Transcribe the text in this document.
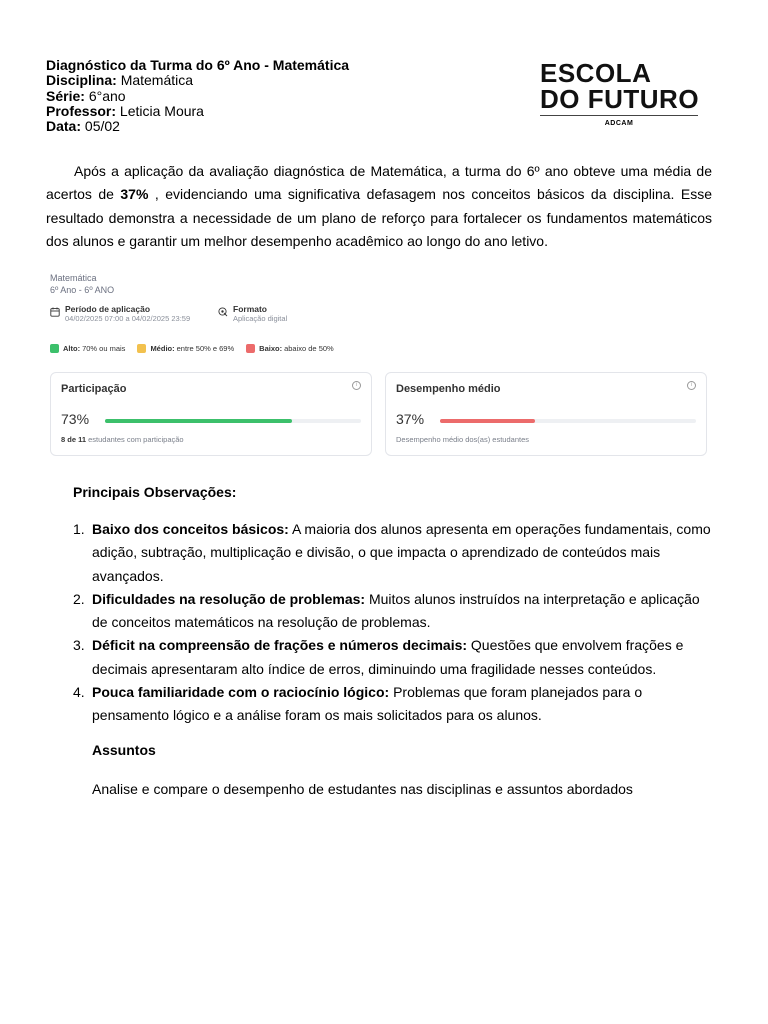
Diagnóstico da Turma do 6º Ano - Matemática
Disciplina: Matemática
Série: 6°ano
Professor: Leticia Moura
Data: 05/02
ESCOLA
DO FUTURO
ADCAM

Após a aplicação da avaliação diagnóstica de Matemática, a turma do 6º ano obteve uma média de acertos de 37% , evidenciando uma significativa defasagem nos conceitos básicos da disciplina. Esse resultado demonstra a necessidade de um plano de reforço para fortalecer os fundamentos matemáticos dos alunos e garantir um melhor desempenho acadêmico ao longo do ano letivo.

Matemática
6º Ano - 6º ANO
Período de aplicação
04/02/2025 07:00 a 04/02/2025 23:59
Formato
Aplicação digital
Alto: 70% ou mais	Médio: entre 50% e 69%	Baixo: abaixo de 50%
Participação	i
73%
8 de 11 estudantes com participação
Desempenho médio	i
37%
Desempenho médio dos(as) estudantes
Principais Observações:
1. Baixo dos conceitos básicos: A maioria dos alunos apresenta em operações fundamentais, como adição, subtração, multiplicação e divisão, o que impacta o aprendizado de conteúdos mais avançados.
2. Dificuldades na resolução de problemas: Muitos alunos instruídos na interpretação e aplicação de conceitos matemáticos na resolução de problemas.
3. Déficit na compreensão de frações e números decimais: Questões que envolvem frações e decimais apresentaram alto índice de erros, diminuindo uma fragilidade nesses conteúdos.
4. Pouca familiaridade com o raciocínio lógico: Problemas que foram planejados para o pensamento lógico e a análise foram os mais solicitados para os alunos.
Assuntos
Analise e compare o desempenho de estudantes nas disciplinas e assuntos abordados
